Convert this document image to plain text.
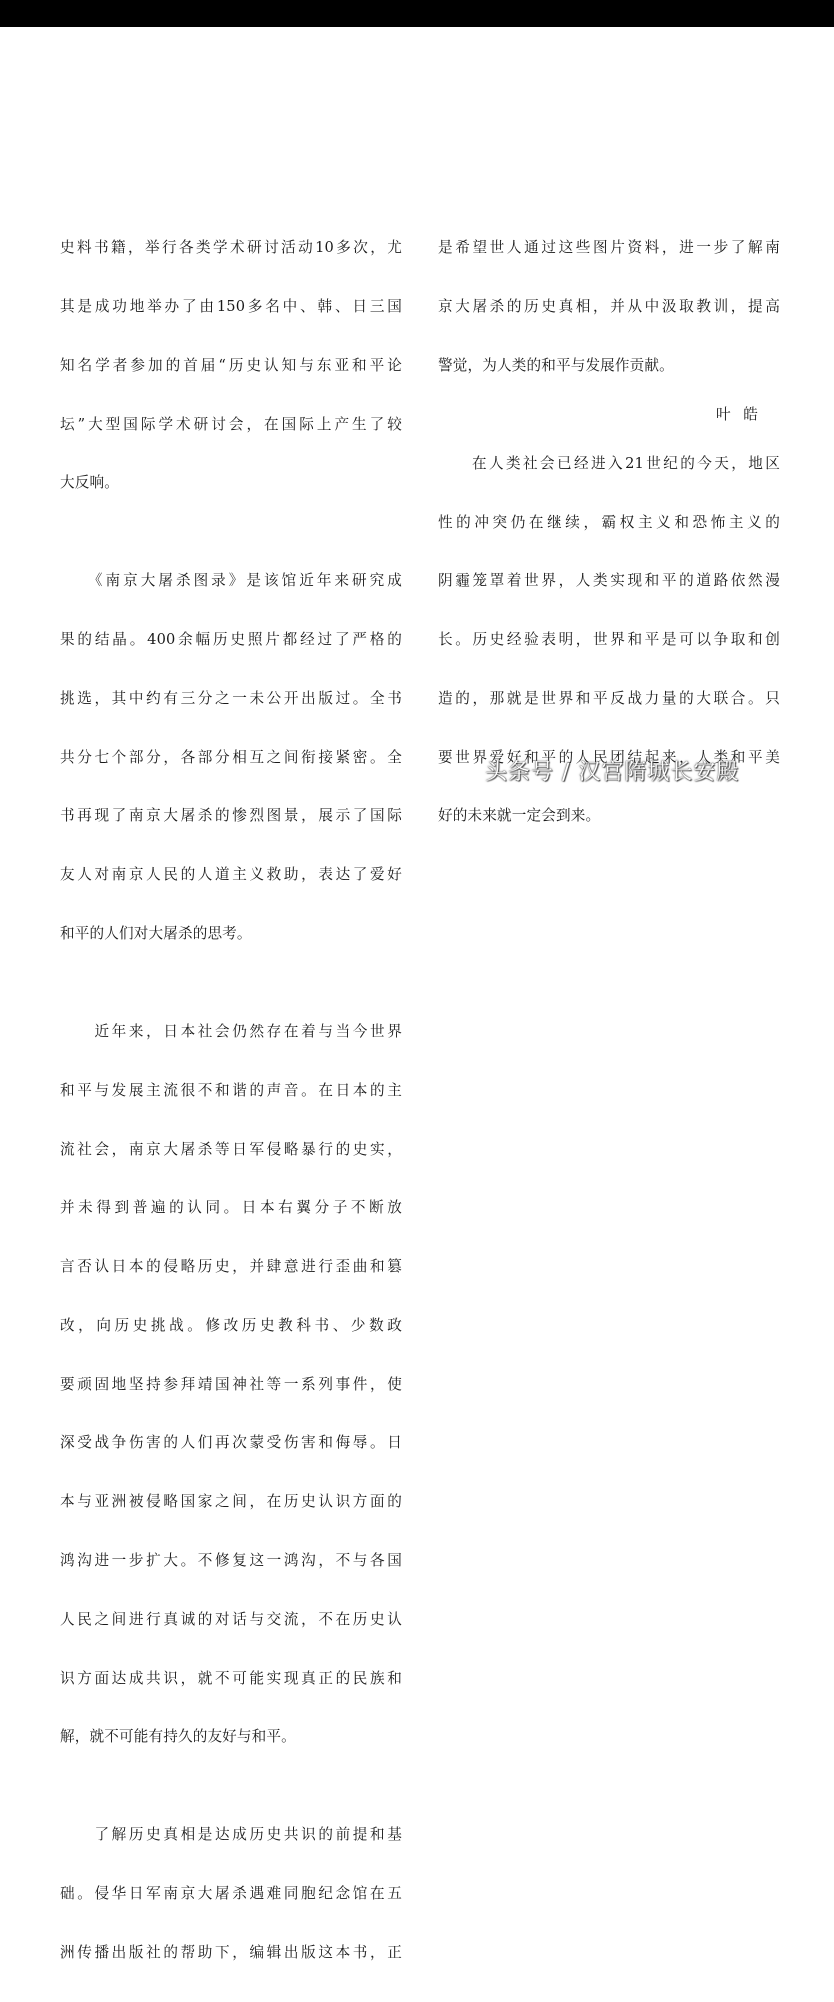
史料书籍，举行各类学术研讨活动10多次，尤

其是成功地举办了由150多名中、韩、日三国

知名学者参加的首届“历史认知与东亚和平论

坛”大型国际学术研讨会，在国际上产生了较

大反响。

　　《南京大屠杀图录》是该馆近年来研究成

果的结晶。400余幅历史照片都经过了严格的

挑选，其中约有三分之一未公开出版过。全书

共分七个部分，各部分相互之间衔接紧密。全

书再现了南京大屠杀的惨烈图景，展示了国际

友人对南京人民的人道主义救助，表达了爱好

和平的人们对大屠杀的思考。

　　近年来，日本社会仍然存在着与当今世界

和平与发展主流很不和谐的声音。在日本的主

流社会，南京大屠杀等日军侵略暴行的史实，

并未得到普遍的认同。日本右翼分子不断放

言否认日本的侵略历史，并肆意进行歪曲和篡

改，向历史挑战。修改历史教科书、少数政

要顽固地坚持参拜靖国神社等一系列事件，使

深受战争伤害的人们再次蒙受伤害和侮辱。日

本与亚洲被侵略国家之间，在历史认识方面的

鸿沟进一步扩大。不修复这一鸿沟，不与各国

人民之间进行真诚的对话与交流，不在历史认

识方面达成共识，就不可能实现真正的民族和

解，就不可能有持久的友好与和平。

　　了解历史真相是达成历史共识的前提和基

础。侵华日军南京大屠杀遇难同胞纪念馆在五

洲传播出版社的帮助下，编辑出版这本书，正

是希望世人通过这些图片资料，进一步了解南

京大屠杀的历史真相，并从中汲取教训，提高

警觉，为人类的和平与发展作贡献。

　　在人类社会已经进入21世纪的今天，地区

性的冲突仍在继续，霸权主义和恐怖主义的

阴霾笼罩着世界，人类实现和平的道路依然漫

长。历史经验表明，世界和平是可以争取和创

造的，那就是世界和平反战力量的大联合。只

要世界爱好和平的人民团结起来，人类和平美

好的未来就一定会到来。

叶 皓
头条号 / 汉宫隋城长安殿
